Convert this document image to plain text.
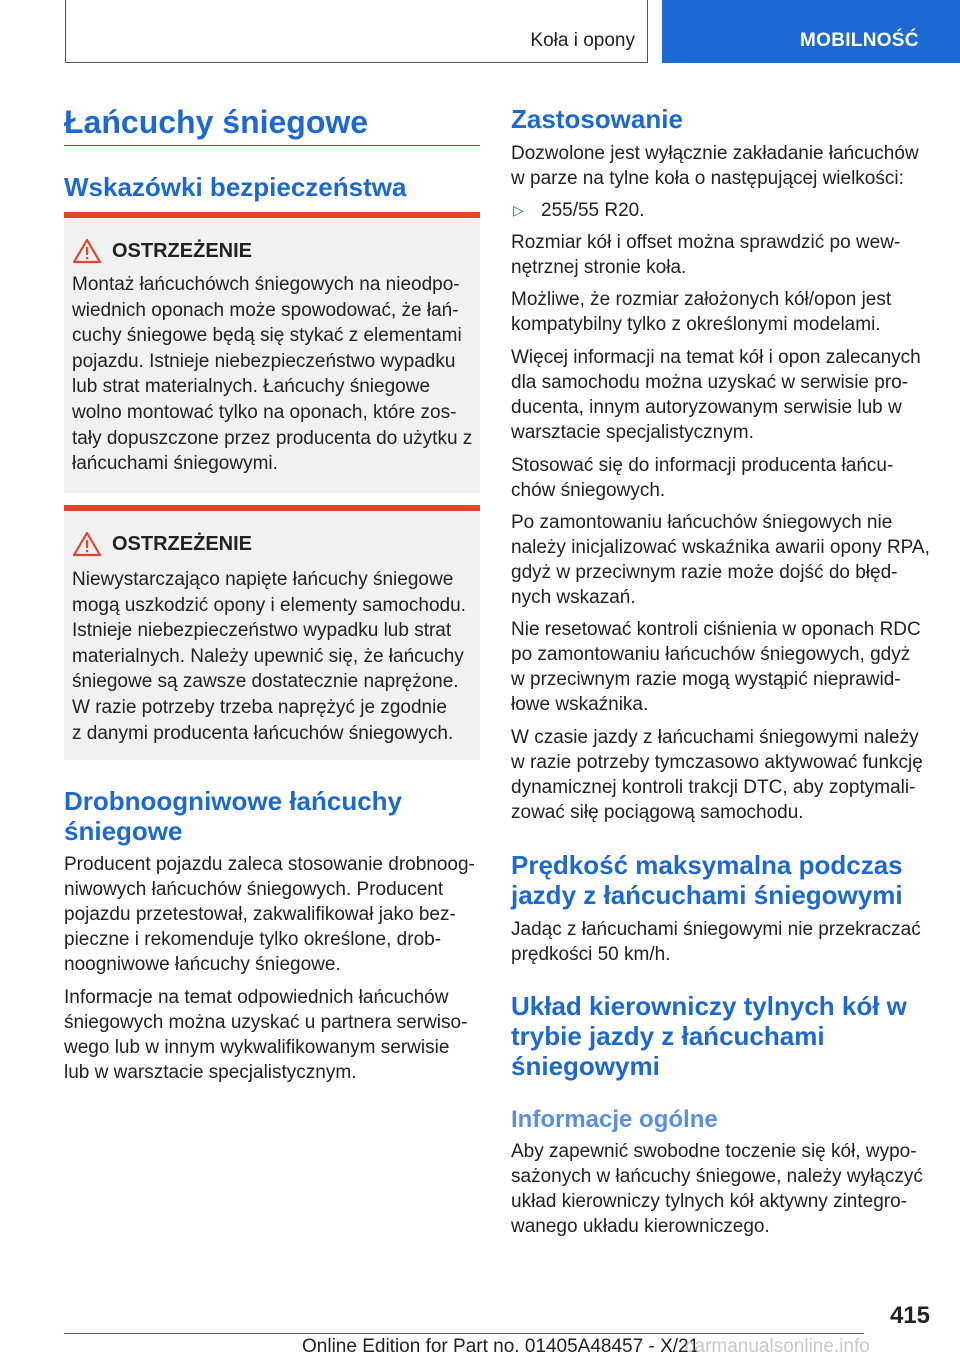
Koła i opony	MOBILNOŚĆ
Łańcuchy śniegowe
Wskazówki bezpieczeństwa
OSTRZEŻENIE
Montaż łańcuchówch śniegowych na nieodpo-
wiednich oponach może spowodować, że łań-
cuchy śniegowe będą się stykać z elementami
pojazdu. Istnieje niebezpieczeństwo wypadku
lub strat materialnych. Łańcuchy śniegowe
wolno montować tylko na oponach, które zos-
tały dopuszczone przez producenta do użytku z
łańcuchami śniegowymi.
OSTRZEŻENIE
Niewystarczająco napięte łańcuchy śniegowe
mogą uszkodzić opony i elementy samochodu.
Istnieje niebezpieczeństwo wypadku lub strat
materialnych. Należy upewnić się, że łańcuchy
śniegowe są zawsze dostatecznie naprężone.
W razie potrzeby trzeba naprężyć je zgodnie
z danymi producenta łańcuchów śniegowych.
Drobnoogniwowe łańcuchy
śniegowe

Producent pojazdu zaleca stosowanie drobnoog-

niwowych łańcuchów śniegowych. Producent

pojazdu przetestował, zakwalifikował jako bez-

pieczne i rekomenduje tylko określone, drob-

noogniwowe łańcuchy śniegowe.

Informacje na temat odpowiednich łańcuchów

śniegowych można uzyskać u partnera serwiso-

wego lub w innym wykwalifikowanym serwisie

lub w warsztacie specjalistycznym.

Zastosowanie

Dozwolone jest wyłącznie zakładanie łańcuchów

w parze na tylne koła o następującej wielkości:

▷ 255/55 R20.

Rozmiar kół i offset można sprawdzić po wew-

nętrznej stronie koła.

Możliwe, że rozmiar założonych kół/opon jest

kompatybilny tylko z określonymi modelami.

Więcej informacji na temat kół i opon zalecanych

dla samochodu można uzyskać w serwisie pro-

ducenta, innym autoryzowanym serwisie lub w

warsztacie specjalistycznym.

Stosować się do informacji producenta łańcu-

chów śniegowych.

Po zamontowaniu łańcuchów śniegowych nie

należy inicjalizować wskaźnika awarii opony RPA,

gdyż w przeciwnym razie może dojść do błęd-

nych wskazań.

Nie resetować kontroli ciśnienia w oponach RDC

po zamontowaniu łańcuchów śniegowych, gdyż

w przeciwnym razie mogą wystąpić nieprawid-

łowe wskaźnika.

W czasie jazdy z łańcuchami śniegowymi należy

w razie potrzeby tymczasowo aktywować funkcję

dynamicznej kontroli trakcji DTC, aby zoptymali-

zować siłę pociągową samochodu.

Prędkość maksymalna podczas
jazdy z łańcuchami śniegowymi

Jadąc z łańcuchami śniegowymi nie przekraczać

prędkości 50 km/h.

Układ kierowniczy tylnych kół w
trybie jazdy z łańcuchami
śniegowymi
Informacje ogólne

Aby zapewnić swobodne toczenie się kół, wypo-

sażonych w łańcuchy śniegowe, należy wyłączyć

układ kierowniczy tylnych kół aktywny zintegro-

wanego układu kierowniczego.

415
Online Edition for Part no. 01405A48457 - X/21
carmanualsonline.info
